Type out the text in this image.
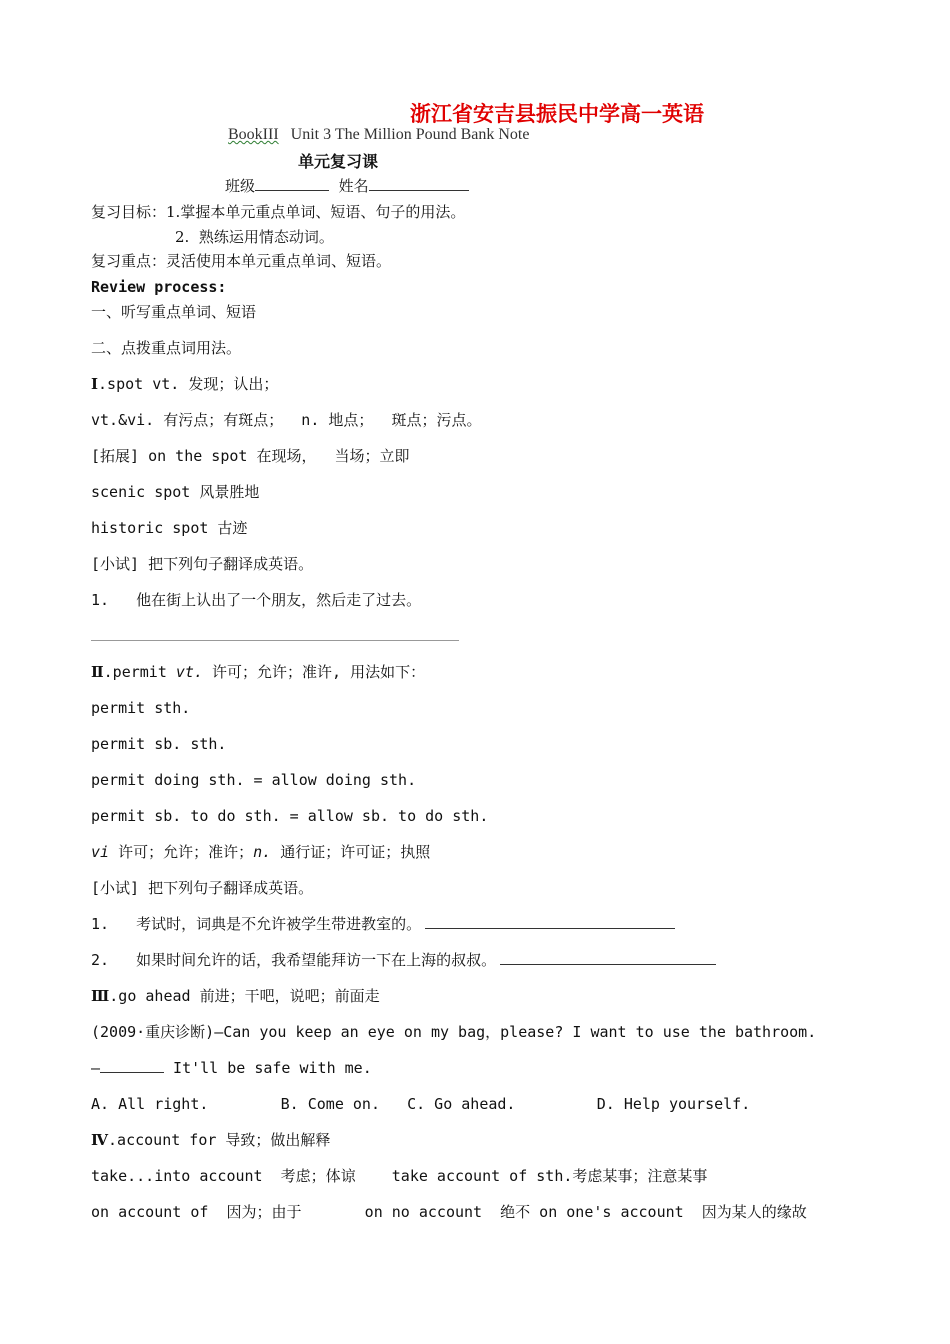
浙江省安吉县振民中学高一英语
BookIII Unit 3 The Million Pound Bank Note
单元复习课
班级	姓名
复习目标：1.掌握本单元重点单词、短语、句子的用法。
2.  熟练运用情态动词。
复习重点：灵活使用本单元重点单词、短语。
Review process:
一、听写重点单词、短语
二、点拨重点词用法。
Ⅰ.spot vt. 发现；认出；
vt.&vi. 有污点；有斑点；  n. 地点；  斑点；污点。
[拓展] on the spot 在现场，  当场；立即
scenic spot 风景胜地
historic spot 古迹
[小试] 把下列句子翻译成英语。
1.   他在街上认出了一个朋友，然后走了过去。
Ⅱ.permit vt. 许可；允许；准许, 用法如下：
permit sth.
permit sb. sth.
permit doing sth. = allow doing sth.
permit sb. to do sth. = allow sb. to do sth.
vi 许可；允许；准许；n. 通行证；许可证；执照
[小试] 把下列句子翻译成英语。
1.   考试时，词典是不允许被学生带进教室的。
2.   如果时间允许的话，我希望能拜访一下在上海的叔叔。
Ⅲ.go ahead 前进；干吧，说吧；前面走
(2009·重庆诊断)—Can you keep an eye on my bag，please? I want to use the bathroom.
—	It'll be safe with me.
A. All right.        B. Come on.   C. Go ahead.         D. Help yourself.
Ⅳ.account for 导致；做出解释
take...into account  考虑；体谅    take account of sth.考虑某事；注意某事
on account of  因为；由于       on no account  绝不 on one's account  因为某人的缘故
